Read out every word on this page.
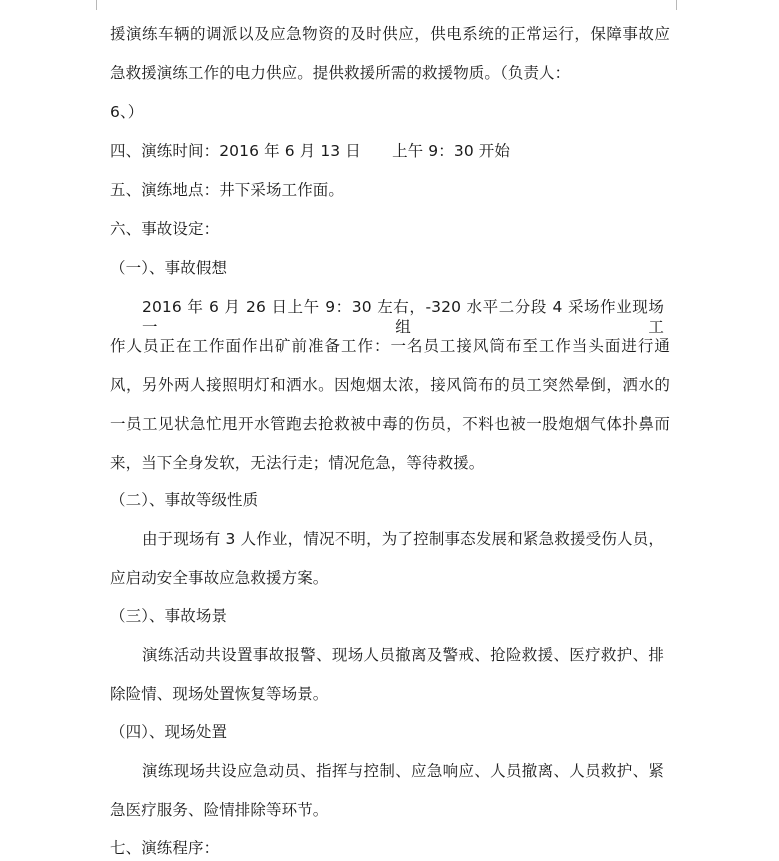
援演练车辆的调派以及应急物资的及时供应，供电系统的正常运行，保障事故应
急救援演练工作的电力供应。提供救援所需的救援物质。（负责人：
6、）
四、演练时间：2016 年 6 月 13 日　　上午 9：30 开始
五、演练地点：井下采场工作面。
六、事故设定：
（一）、事故假想
2016 年 6 月 26 日上午 9：30 左右，-320 水平二分段 4 采场作业现场一组工
作人员正在工作面作出矿前准备工作：一名员工接风筒布至工作当头面进行通
风，另外两人接照明灯和洒水。因炮烟太浓，接风筒布的员工突然晕倒，洒水的
一员工见状急忙甩开水管跑去抢救被中毒的伤员，不料也被一股炮烟气体扑鼻而
来，当下全身发软，无法行走；情况危急，等待救援。
（二）、事故等级性质
由于现场有 3 人作业，情况不明，为了控制事态发展和紧急救援受伤人员，
应启动安全事故应急救援方案。
（三）、事故场景
演练活动共设置事故报警、现场人员撤离及警戒、抢险救援、医疗救护、排
除险情、现场处置恢复等场景。
（四）、现场处置
演练现场共设应急动员、指挥与控制、应急响应、人员撤离、人员救护、紧
急医疗服务、险情排除等环节。
七、演练程序：
